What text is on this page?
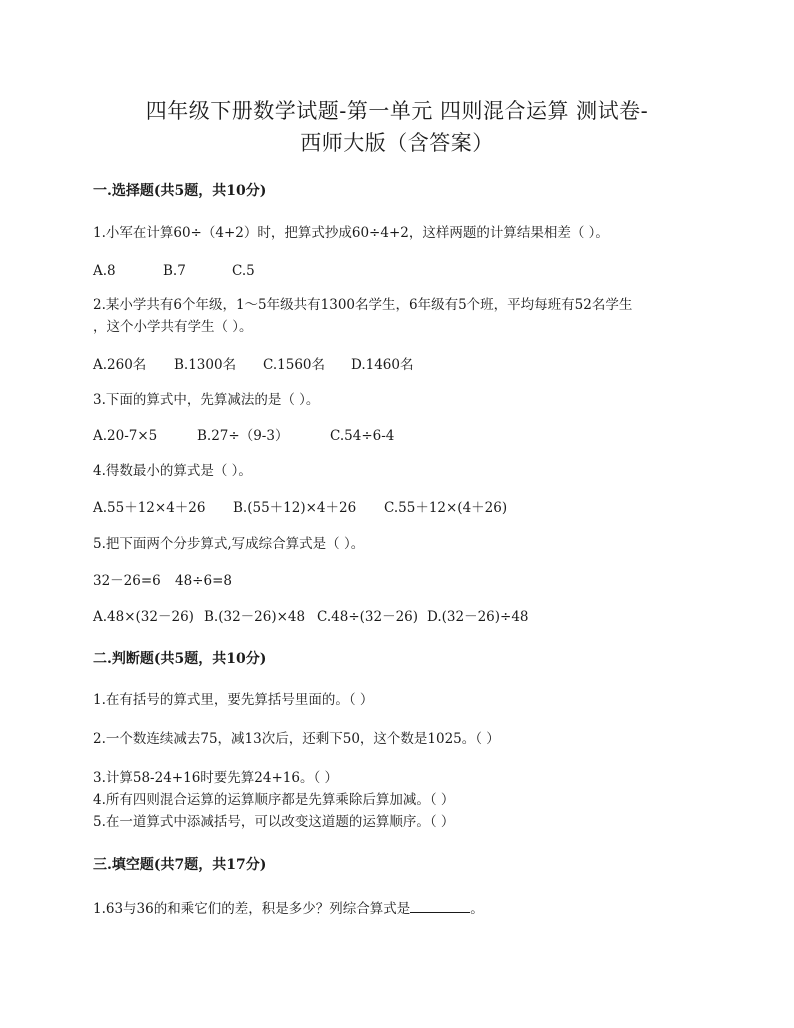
四年级下册数学试题-第一单元 四则混合运算 测试卷-
西师大版（含答案）
一.选择题(共5题，共10分)
1.小军在计算60÷（4+2）时，把算式抄成60÷4+2，这样两题的计算结果相差（ ）。
A.8	B.7	C.5
2.某小学共有6个年级，1～5年级共有1300名学生，6年级有5个班，平均每班有52名学生
，这个小学共有学生（ ）。
A.260名 B.1300名 C.1560名 D.1460名
3.下面的算式中，先算减法的是（ ）。
A.20-7×5	B.27÷（9-3）	C.54÷6-4
4.得数最小的算式是（ ）。
A.55＋12×4＋26 B.(55＋12)×4＋26 C.55＋12×(4＋26)
5.把下面两个分步算式,写成综合算式是（ ）。
32－26=6 48÷6=8
A.48×(32－26) B.(32－26)×48 C.48÷(32－26) D.(32－26)÷48
二.判断题(共5题，共10分)
1.在有括号的算式里，要先算括号里面的。（ ）
2.一个数连续减去75，减13次后，还剩下50，这个数是1025。（ ）
3.计算58-24+16时要先算24+16。（ ）
4.所有四则混合运算的运算顺序都是先算乘除后算加减。（ ）
5.在一道算式中添减括号，可以改变这道题的运算顺序。（ ）
三.填空题(共7题，共17分)
1.63与36的和乘它们的差，积是多少？列综合算式是	。
